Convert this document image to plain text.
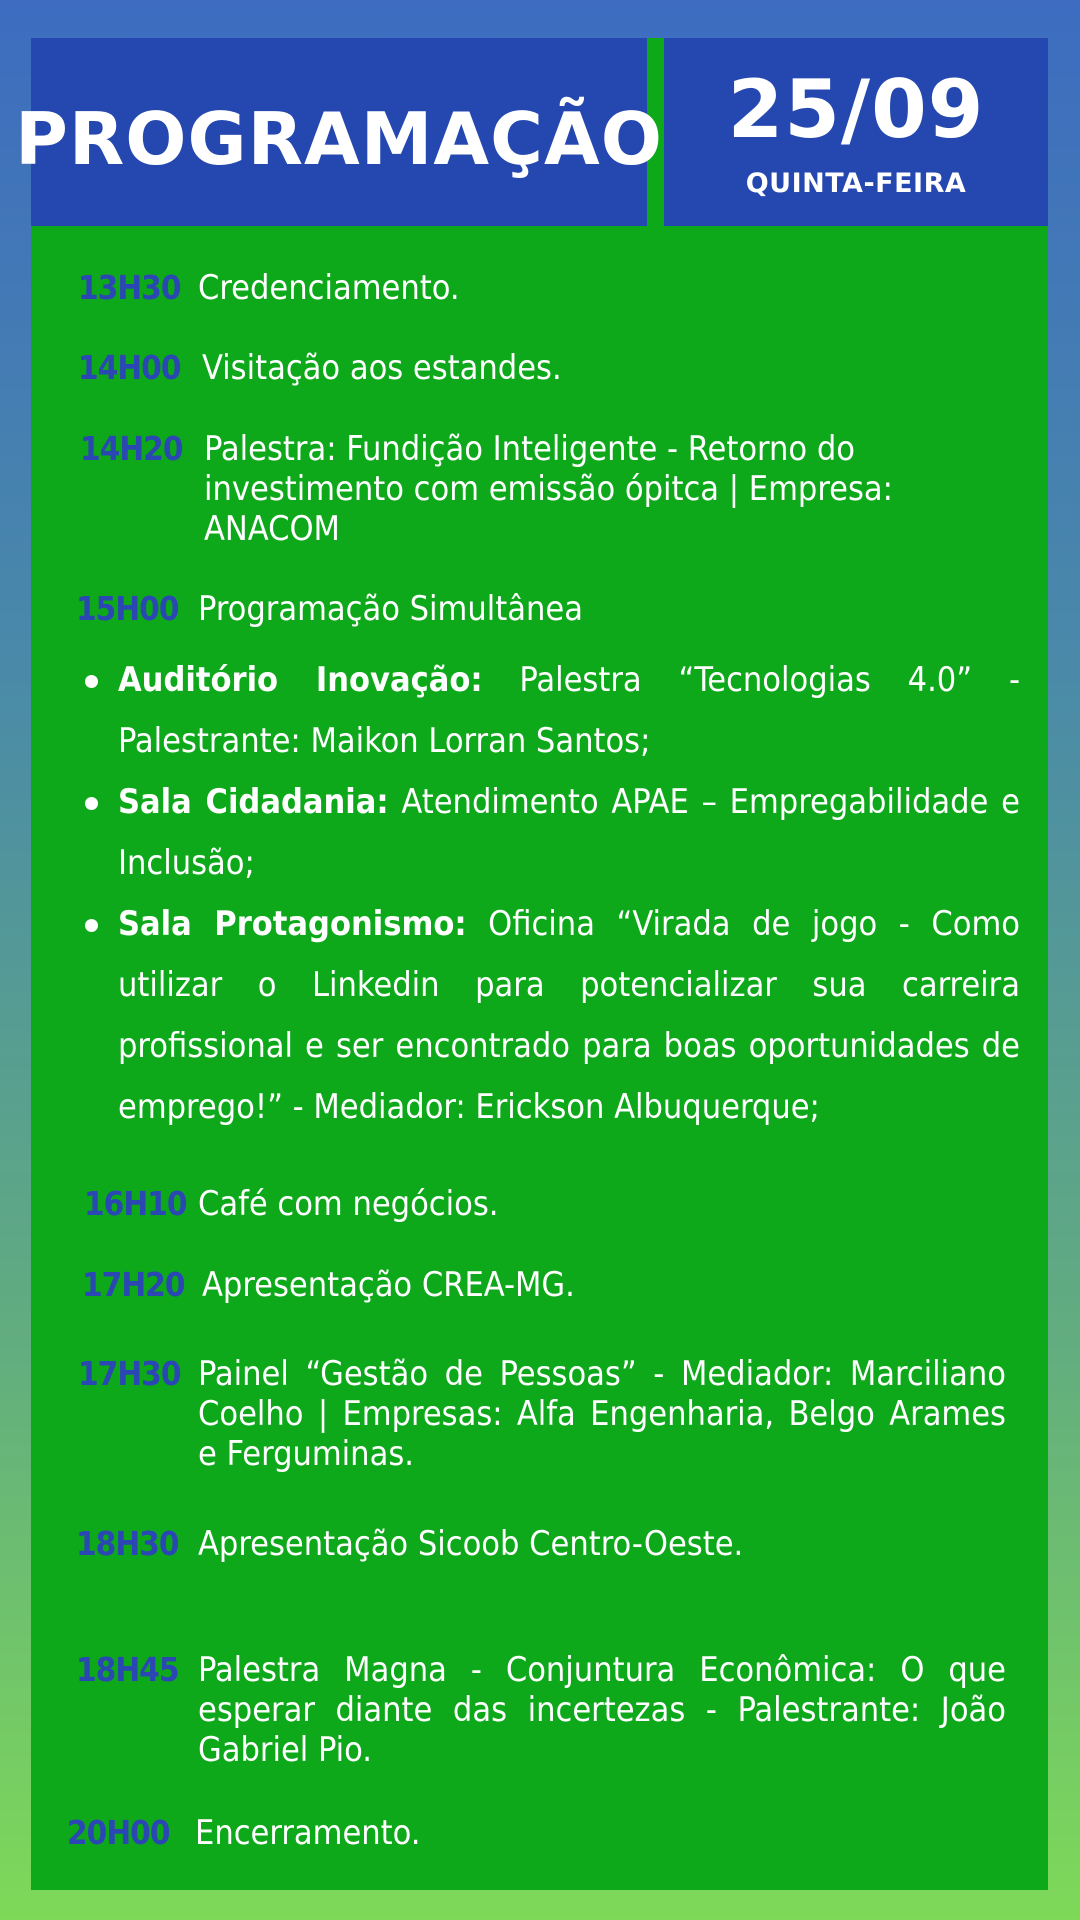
PROGRAMAÇÃO 25/09
QUINTA-FEIRA
13H30 Credenciamento.
14H00 Visitação aos estandes.
14H20 Palestra: Fundição Inteligente - Retorno do investimento com emissão ópitca | Empresa: ANACOM
15H00 Programação Simultânea
Auditório Inovação: Palestra “Tecnologias 4.0” - Palestrante: Maikon Lorran Santos;
Sala Cidadania: Atendimento APAE – Empregabilidade e Inclusão;
Sala Protagonismo: Oficina “Virada de jogo - Como utilizar o Linkedin para potencializar sua carreira profissional e ser encontrado para boas oportunidades de emprego!” - Mediador: Erickson Albuquerque;
16H10 Café com negócios.
17H20 Apresentação CREA-MG.
17H30 Painel “Gestão de Pessoas” - Mediador: Marciliano Coelho | Empresas: Alfa Engenharia, Belgo Arames e Ferguminas.
18H30 Apresentação Sicoob Centro-Oeste.
18H45 Palestra Magna - Conjuntura Econômica: O que esperar diante das incertezas - Palestrante: João Gabriel Pio.
20H00 Encerramento.
